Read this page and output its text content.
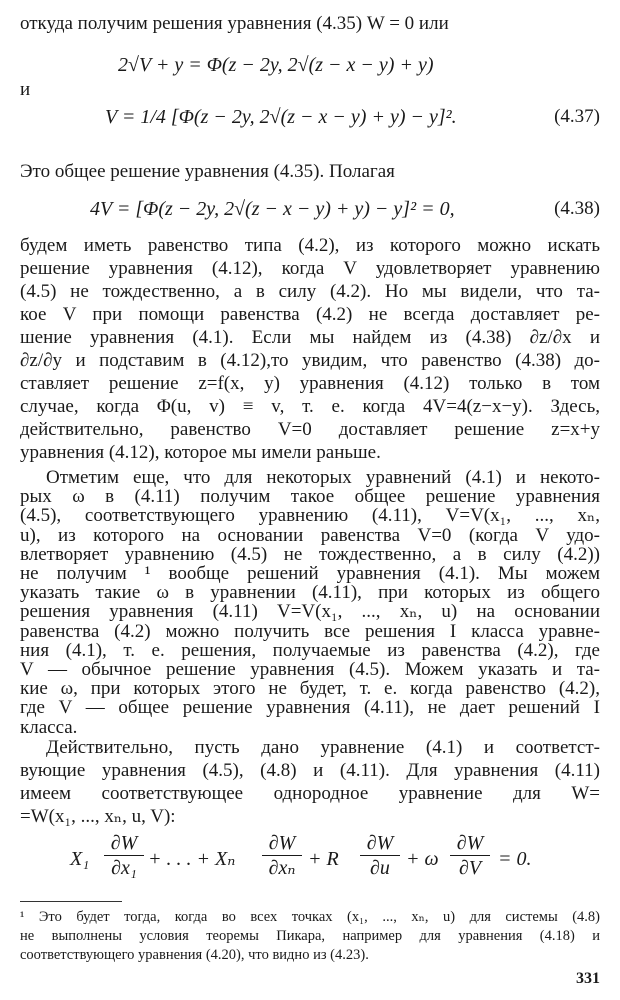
откуда получим решения уравнения (4.35) W = 0 или
2√V + y = Φ(z − 2y, 2√(z − x − y) + y)
и
V = 1/4 [Φ(z − 2y, 2√(z − x − y) + y) − y]².	(4.37)
Это общее решение уравнения (4.35). Полагая
4V = [Φ(z − 2y, 2√(z − x − y) + y) − y]² = 0,	(4.38)
будем иметь равенство типа (4.2), из которого можно искать
решение уравнения (4.12), когда V удовлетворяет уравнению
(4.5) не тождественно, а в силу (4.2). Но мы видели, что та-
кое V при помощи равенства (4.2) не всегда доставляет ре-
шение уравнения (4.1). Если мы найдем из (4.38) ∂z/∂x и
∂z/∂y и подставим в (4.12),то увидим, что равенство (4.38) до-
ставляет решение z=f(x, y) уравнения (4.12) только в том
случае, когда Φ(u, v) ≡ v, т. е. когда 4V=4(z−x−y). Здесь,
действительно, равенство V=0 доставляет решение z=x+y
уравнения (4.12), которое мы имели раньше.
Отметим еще, что для некоторых уравнений (4.1) и некото-
рых ω в (4.11) получим такое общее решение уравнения
(4.5), соответствующего уравнению (4.11), V=V(x₁, ..., xₙ,
u), из которого на основании равенства V=0 (когда V удо-
влетворяет уравнению (4.5) не тождественно, а в силу (4.2))
не получим ¹ вообще решений уравнения (4.1). Мы можем
указать такие ω в уравнении (4.11), при которых из общего
решения уравнения (4.11) V=V(x₁, ..., xₙ, u) на основании
равенства (4.2) можно получить все решения I класса уравне-
ния (4.1), т. е. решения, получаемые из равенства (4.2), где
V — обычное решение уравнения (4.5). Можем указать и та-
кие ω, при которых этого не будет, т. е. когда равенство (4.2),
где V — общее решение уравнения (4.11), не дает решений I
класса.
Действительно, пусть дано уравнение (4.1) и соответст-
вующие уравнения (4.5), (4.8) и (4.11). Для уравнения (4.11)
имеем соответствующее однородное уравнение для W=
=W(x₁, ..., xₙ, u, V):
X₁
∂W
∂x₁ + . . . + Xₙ
∂W
∂xₙ + R
∂W
∂u + ω
∂W
∂V = 0.
¹ Это будет тогда, когда во всех точках (x₁, ..., xₙ, u) для системы (4.8)
не выполнены условия теоремы Пикара, например для уравнения (4.18) и
соответствующего уравнения (4.20), что видно из (4.23).
331
